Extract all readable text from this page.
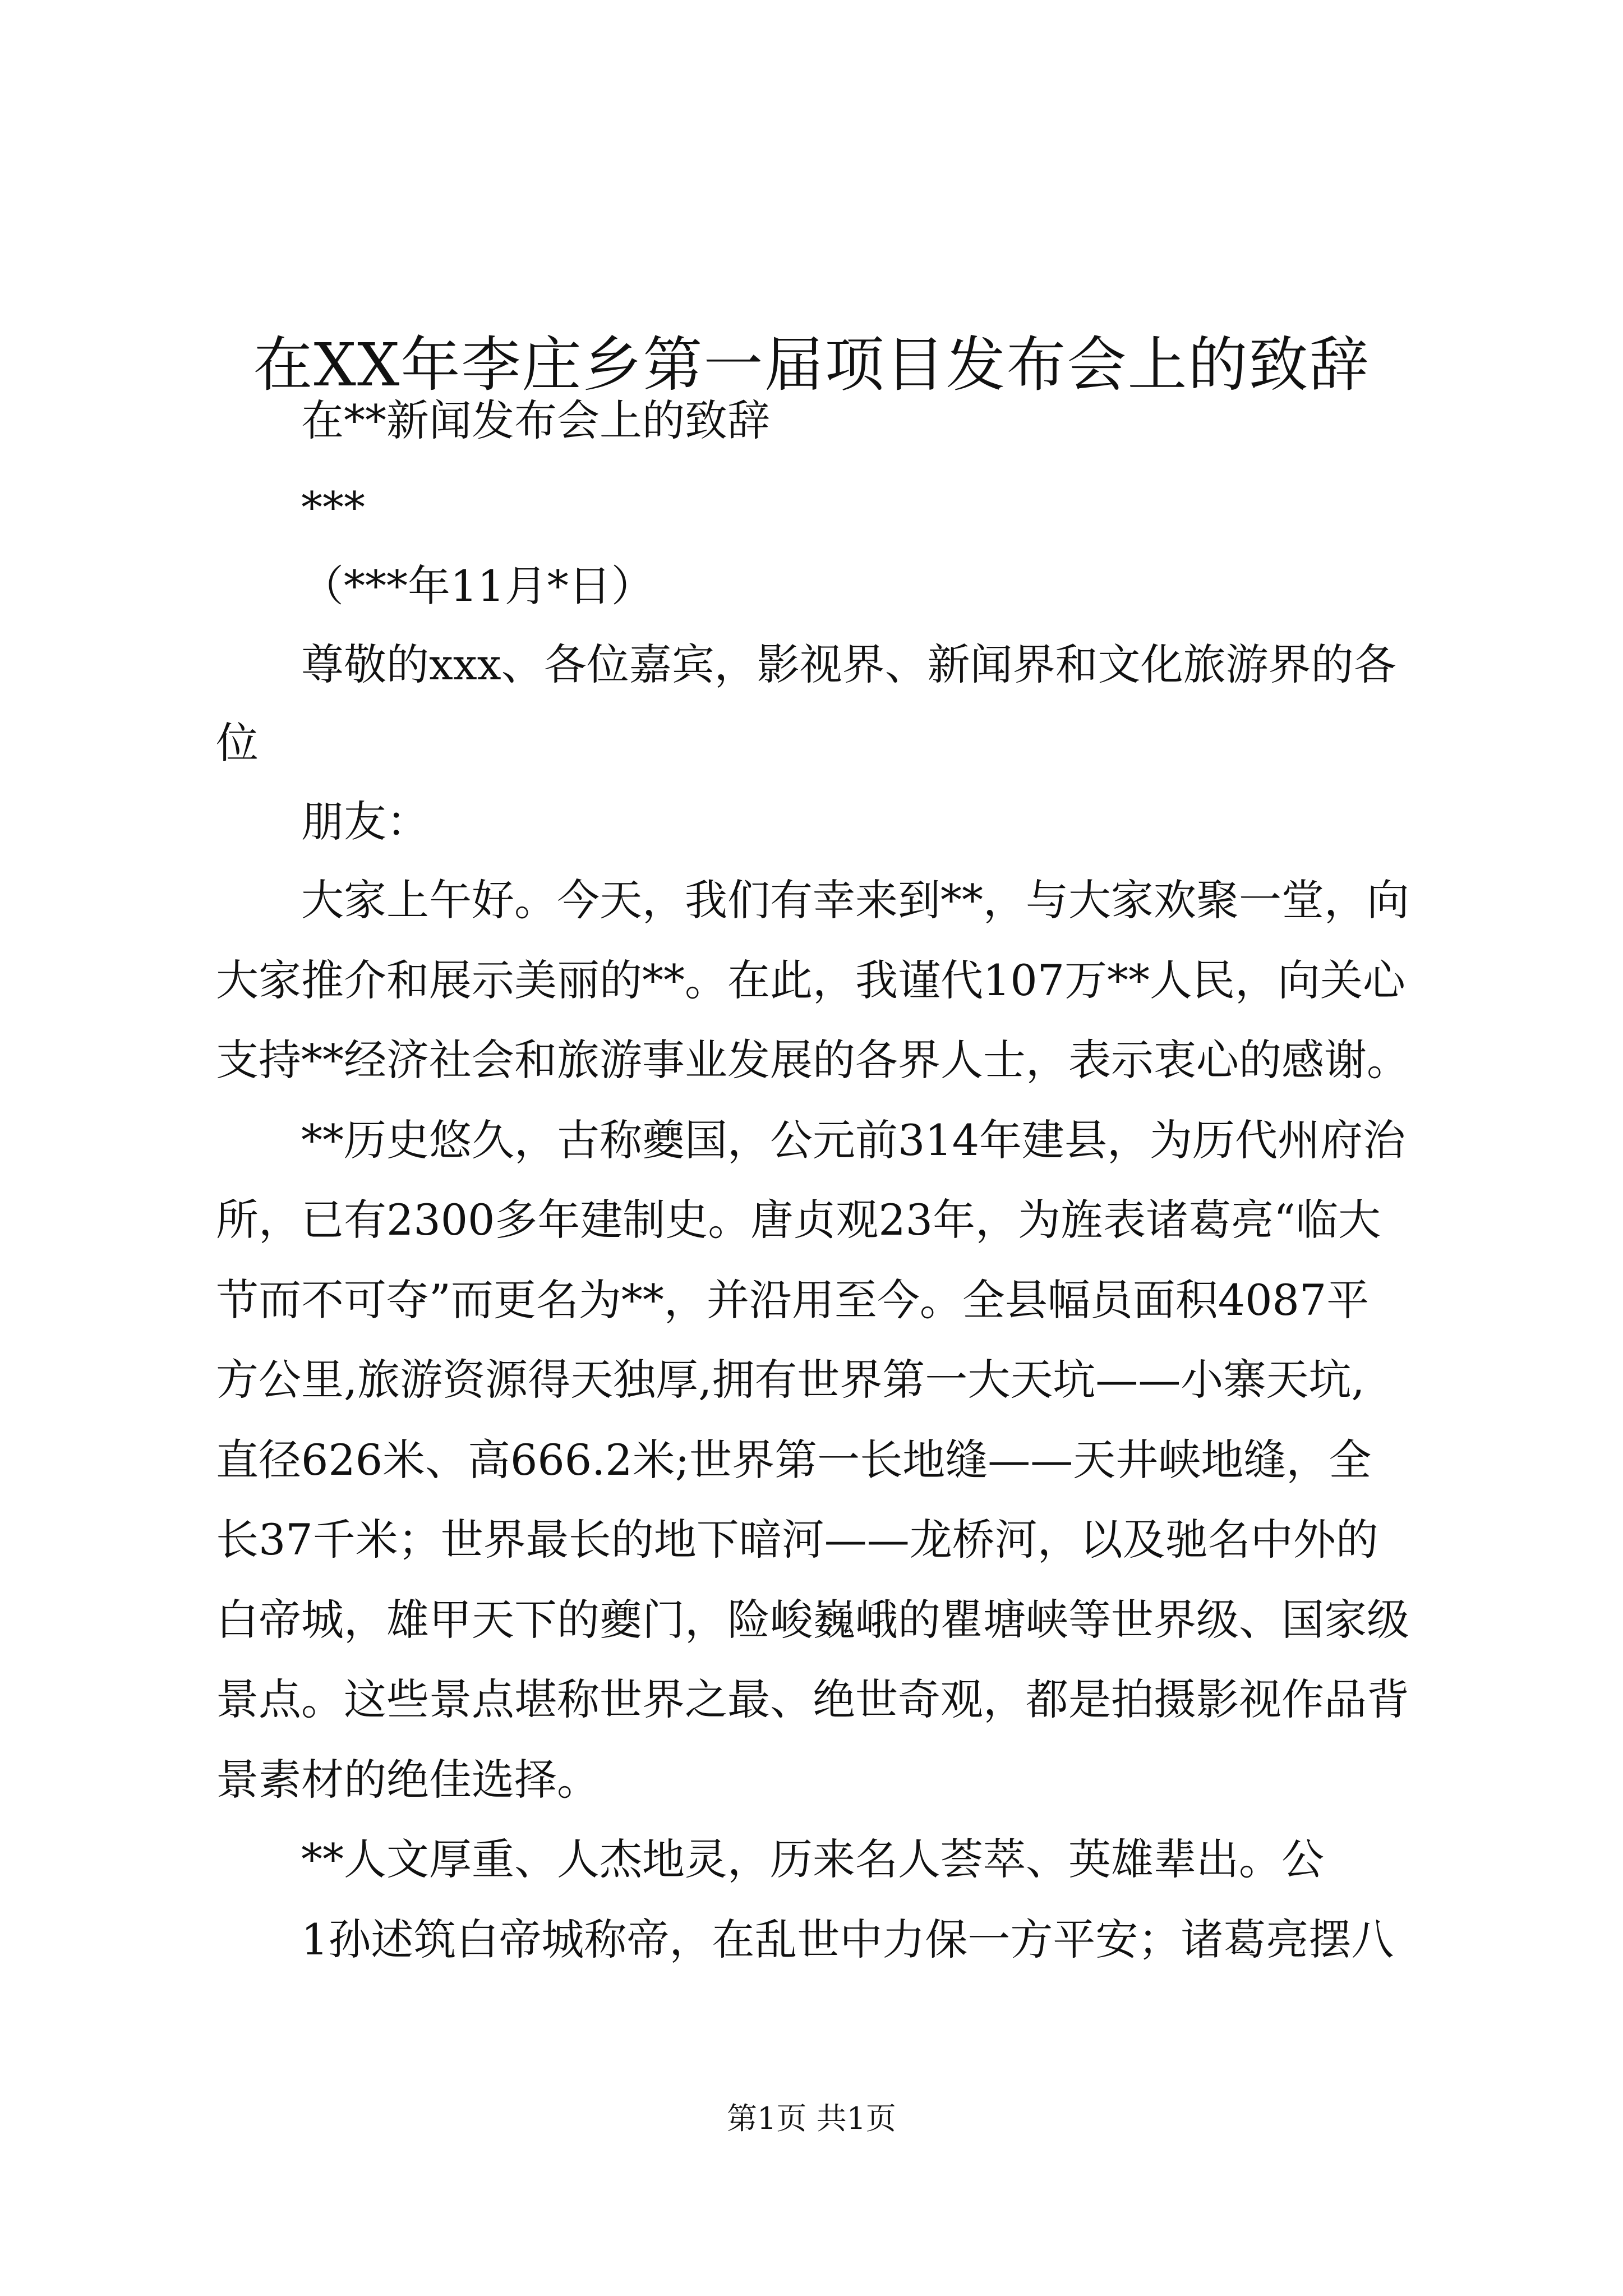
在XX年李庄乡第一届项目发布会上的致辞
在**新闻发布会上的致辞
***
（***年11月*日）
尊敬的xxx、各位嘉宾，影视界、新闻界和文化旅游界的各
位
朋友：
大家上午好。今天，我们有幸来到**，与大家欢聚一堂，向
大家推介和展示美丽的**。在此，我谨代107万**人民，向关心
支持**经济社会和旅游事业发展的各界人士，表示衷心的感谢。
**历史悠久，古称夔国，公元前314年建县，为历代州府治
所，已有2300多年建制史。唐贞观23年，为旌表诸葛亮“临大
节而不可夺”而更名为**，并沿用至今。全县幅员面积4087平
方公里,旅游资源得天独厚,拥有世界第一大天坑——小寨天坑,
直径626米、高666.2米;世界第一长地缝——天井峡地缝，全
长37千米；世界最长的地下暗河——龙桥河，以及驰名中外的
白帝城，雄甲天下的夔门，险峻巍峨的瞿塘峡等世界级、国家级
景点。这些景点堪称世界之最、绝世奇观，都是拍摄影视作品背
景素材的绝佳选择。
**人文厚重、人杰地灵，历来名人荟萃、英雄辈出。公
1孙述筑白帝城称帝，在乱世中力保一方平安；诸葛亮摆八
第1页 共1页
